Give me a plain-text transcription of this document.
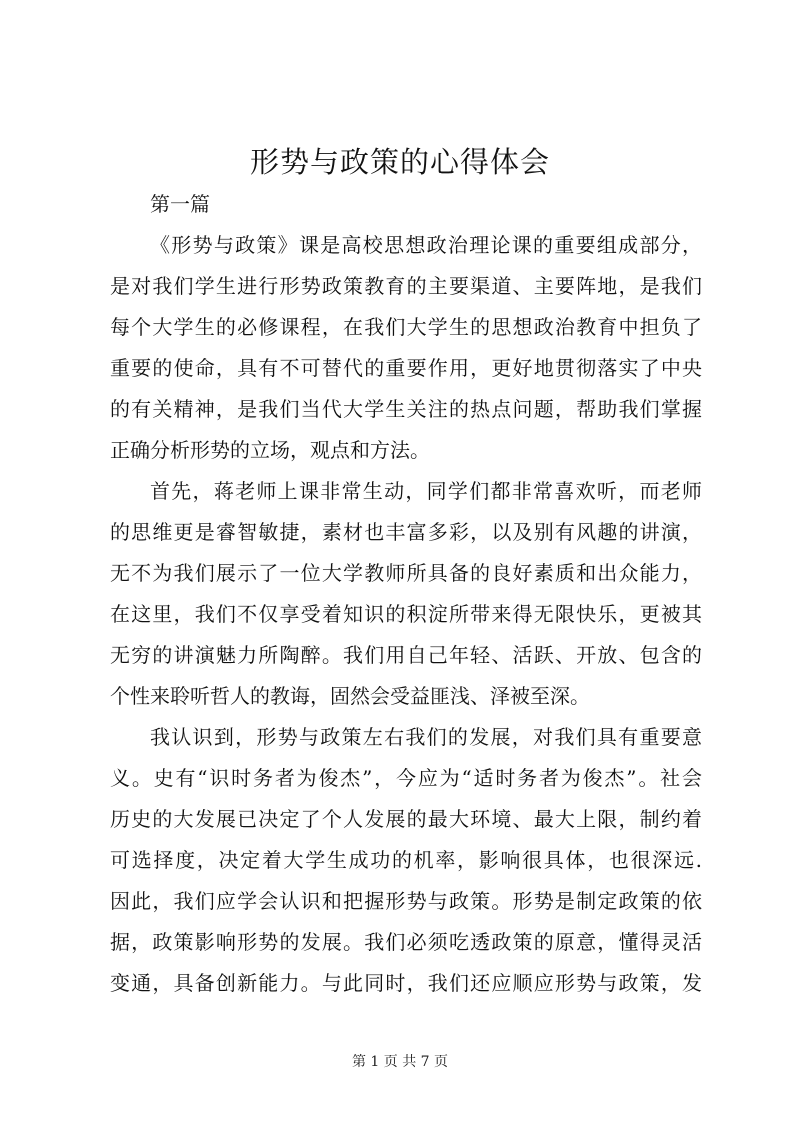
形势与政策的心得体会
第一篇
《形势与政策》课是高校思想政治理论课的重要组成部分，
是对我们学生进行形势政策教育的主要渠道、主要阵地，是我们
每个大学生的必修课程，在我们大学生的思想政治教育中担负了
重要的使命，具有不可替代的重要作用，更好地贯彻落实了中央
的有关精神，是我们当代大学生关注的热点问题，帮助我们掌握
正确分析形势的立场，观点和方法。
首先，蒋老师上课非常生动，同学们都非常喜欢听，而老师
的思维更是睿智敏捷，素材也丰富多彩，以及别有风趣的讲演，
无不为我们展示了一位大学教师所具备的良好素质和出众能力，
在这里，我们不仅享受着知识的积淀所带来得无限快乐，更被其
无穷的讲演魅力所陶醉。我们用自己年轻、活跃、开放、包含的
个性来聆听哲人的教诲，固然会受益匪浅、泽被至深。
我认识到，形势与政策左右我们的发展，对我们具有重要意
义。史有“识时务者为俊杰”，今应为“适时务者为俊杰”。社会
历史的大发展已决定了个人发展的最大环境、最大上限，制约着
可选择度，决定着大学生成功的机率，影响很具体，也很深远.
因此，我们应学会认识和把握形势与政策。形势是制定政策的依
据，政策影响形势的发展。我们必须吃透政策的原意，懂得灵活
变通，具备创新能力。与此同时，我们还应顺应形势与政策，发
第 1 页 共 7 页
